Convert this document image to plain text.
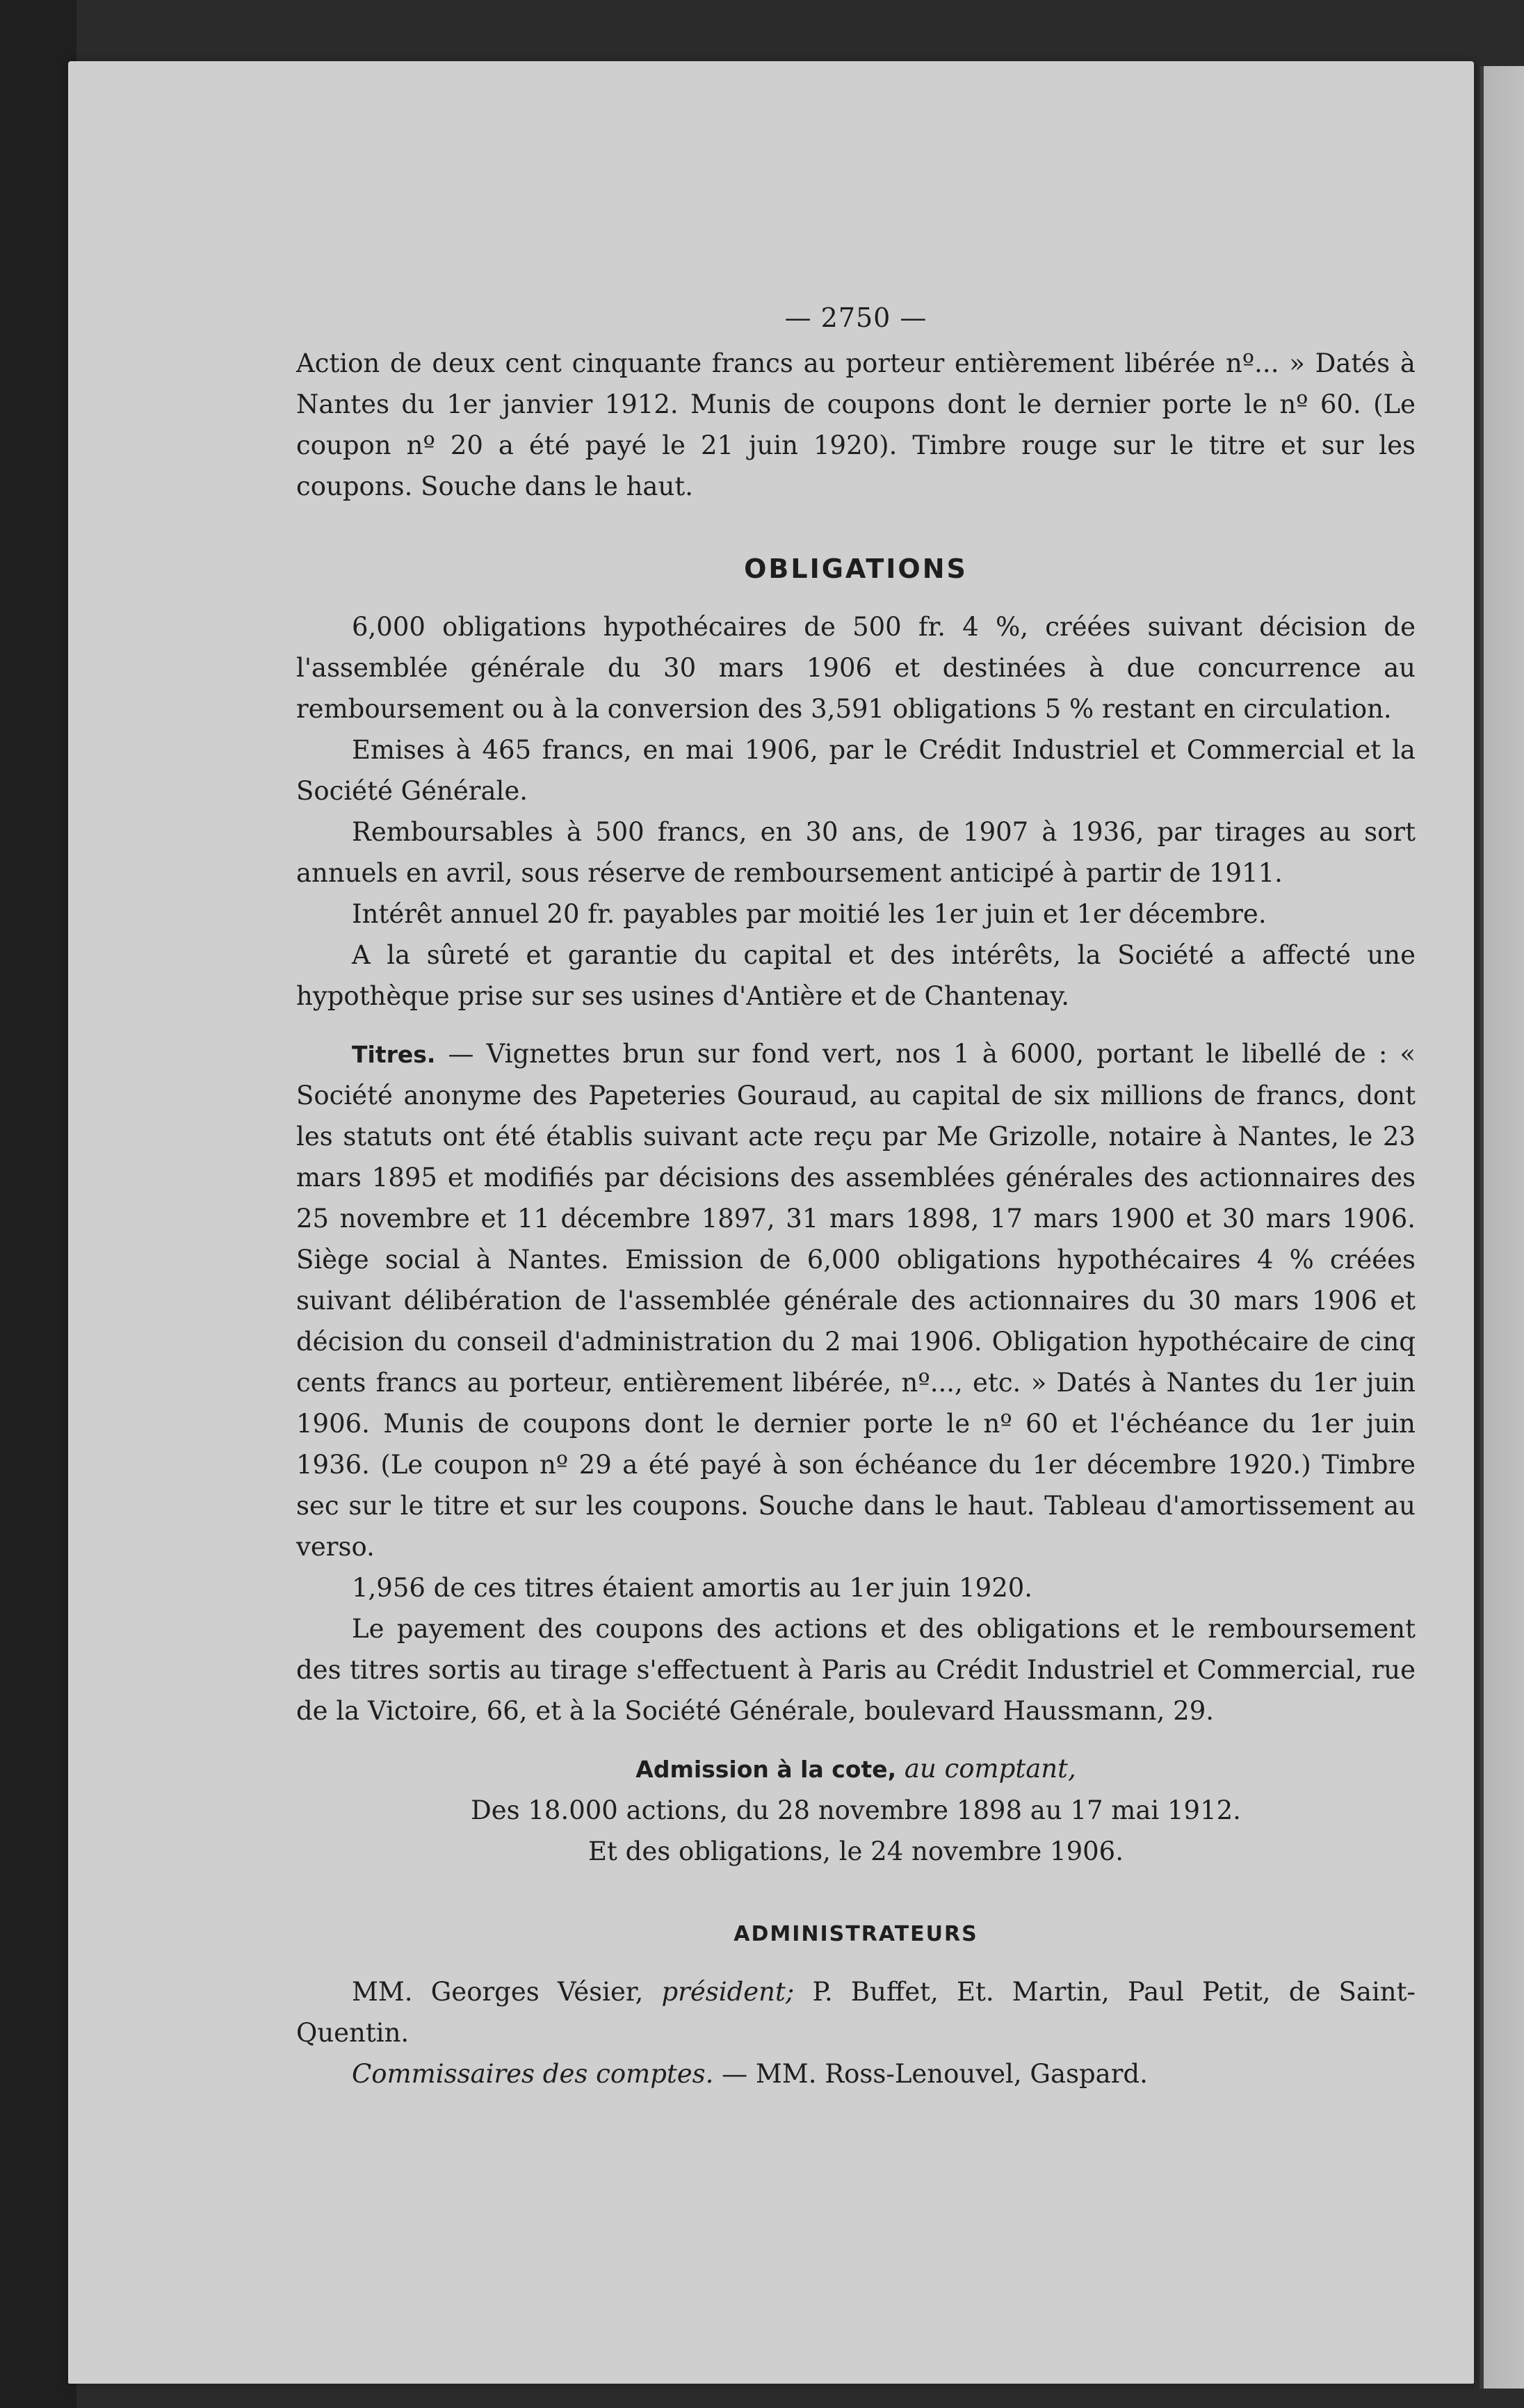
— 2750 —

Action de deux cent cinquante francs au porteur entièrement libérée nº... » Datés à Nantes du 1er janvier 1912. Munis de coupons dont le dernier porte le nº 60. (Le coupon nº 20 a été payé le 21 juin 1920). Timbre rouge sur le titre et sur les coupons. Souche dans le haut.

OBLIGATIONS

6,000 obligations hypothécaires de 500 fr. 4 %, créées suivant décision de l'assemblée générale du 30 mars 1906 et destinées à due concurrence au remboursement ou à la conversion des 3,591 obligations 5 % restant en circulation.

Emises à 465 francs, en mai 1906, par le Crédit Industriel et Commercial et la Société Générale.

Remboursables à 500 francs, en 30 ans, de 1907 à 1936, par tirages au sort annuels en avril, sous réserve de remboursement anticipé à partir de 1911.

Intérêt annuel 20 fr. payables par moitié les 1er juin et 1er décembre.

A la sûreté et garantie du capital et des intérêts, la Société a affecté une hypothèque prise sur ses usines d'Antière et de Chantenay.

Titres. — Vignettes brun sur fond vert, nos 1 à 6000, portant le libellé de : « Société anonyme des Papeteries Gouraud, au capital de six millions de francs, dont les statuts ont été établis suivant acte reçu par Me Grizolle, notaire à Nantes, le 23 mars 1895 et modifiés par décisions des assemblées générales des actionnaires des 25 novembre et 11 décembre 1897, 31 mars 1898, 17 mars 1900 et 30 mars 1906. Siège social à Nantes. Emission de 6,000 obligations hypothécaires 4 % créées suivant délibération de l'assemblée générale des actionnaires du 30 mars 1906 et décision du conseil d'administration du 2 mai 1906. Obligation hypothécaire de cinq cents francs au porteur, entièrement libérée, nº..., etc. » Datés à Nantes du 1er juin 1906. Munis de coupons dont le dernier porte le nº 60 et l'échéance du 1er juin 1936. (Le coupon nº 29 a été payé à son échéance du 1er décembre 1920.) Timbre sec sur le titre et sur les coupons. Souche dans le haut. Tableau d'amortissement au verso.

1,956 de ces titres étaient amortis au 1er juin 1920.

Le payement des coupons des actions et des obligations et le remboursement des titres sortis au tirage s'effectuent à Paris au Crédit Industriel et Commercial, rue de la Victoire, 66, et à la Société Générale, boulevard Haussmann, 29.

Admission à la cote, au comptant,

Des 18.000 actions, du 28 novembre 1898 au 17 mai 1912.

Et des obligations, le 24 novembre 1906.

ADMINISTRATEURS

MM. Georges Vésier, président; P. Buffet, Et. Martin, Paul Petit, de Saint-Quentin.

Commissaires des comptes. — MM. Ross-Lenouvel, Gaspard.
